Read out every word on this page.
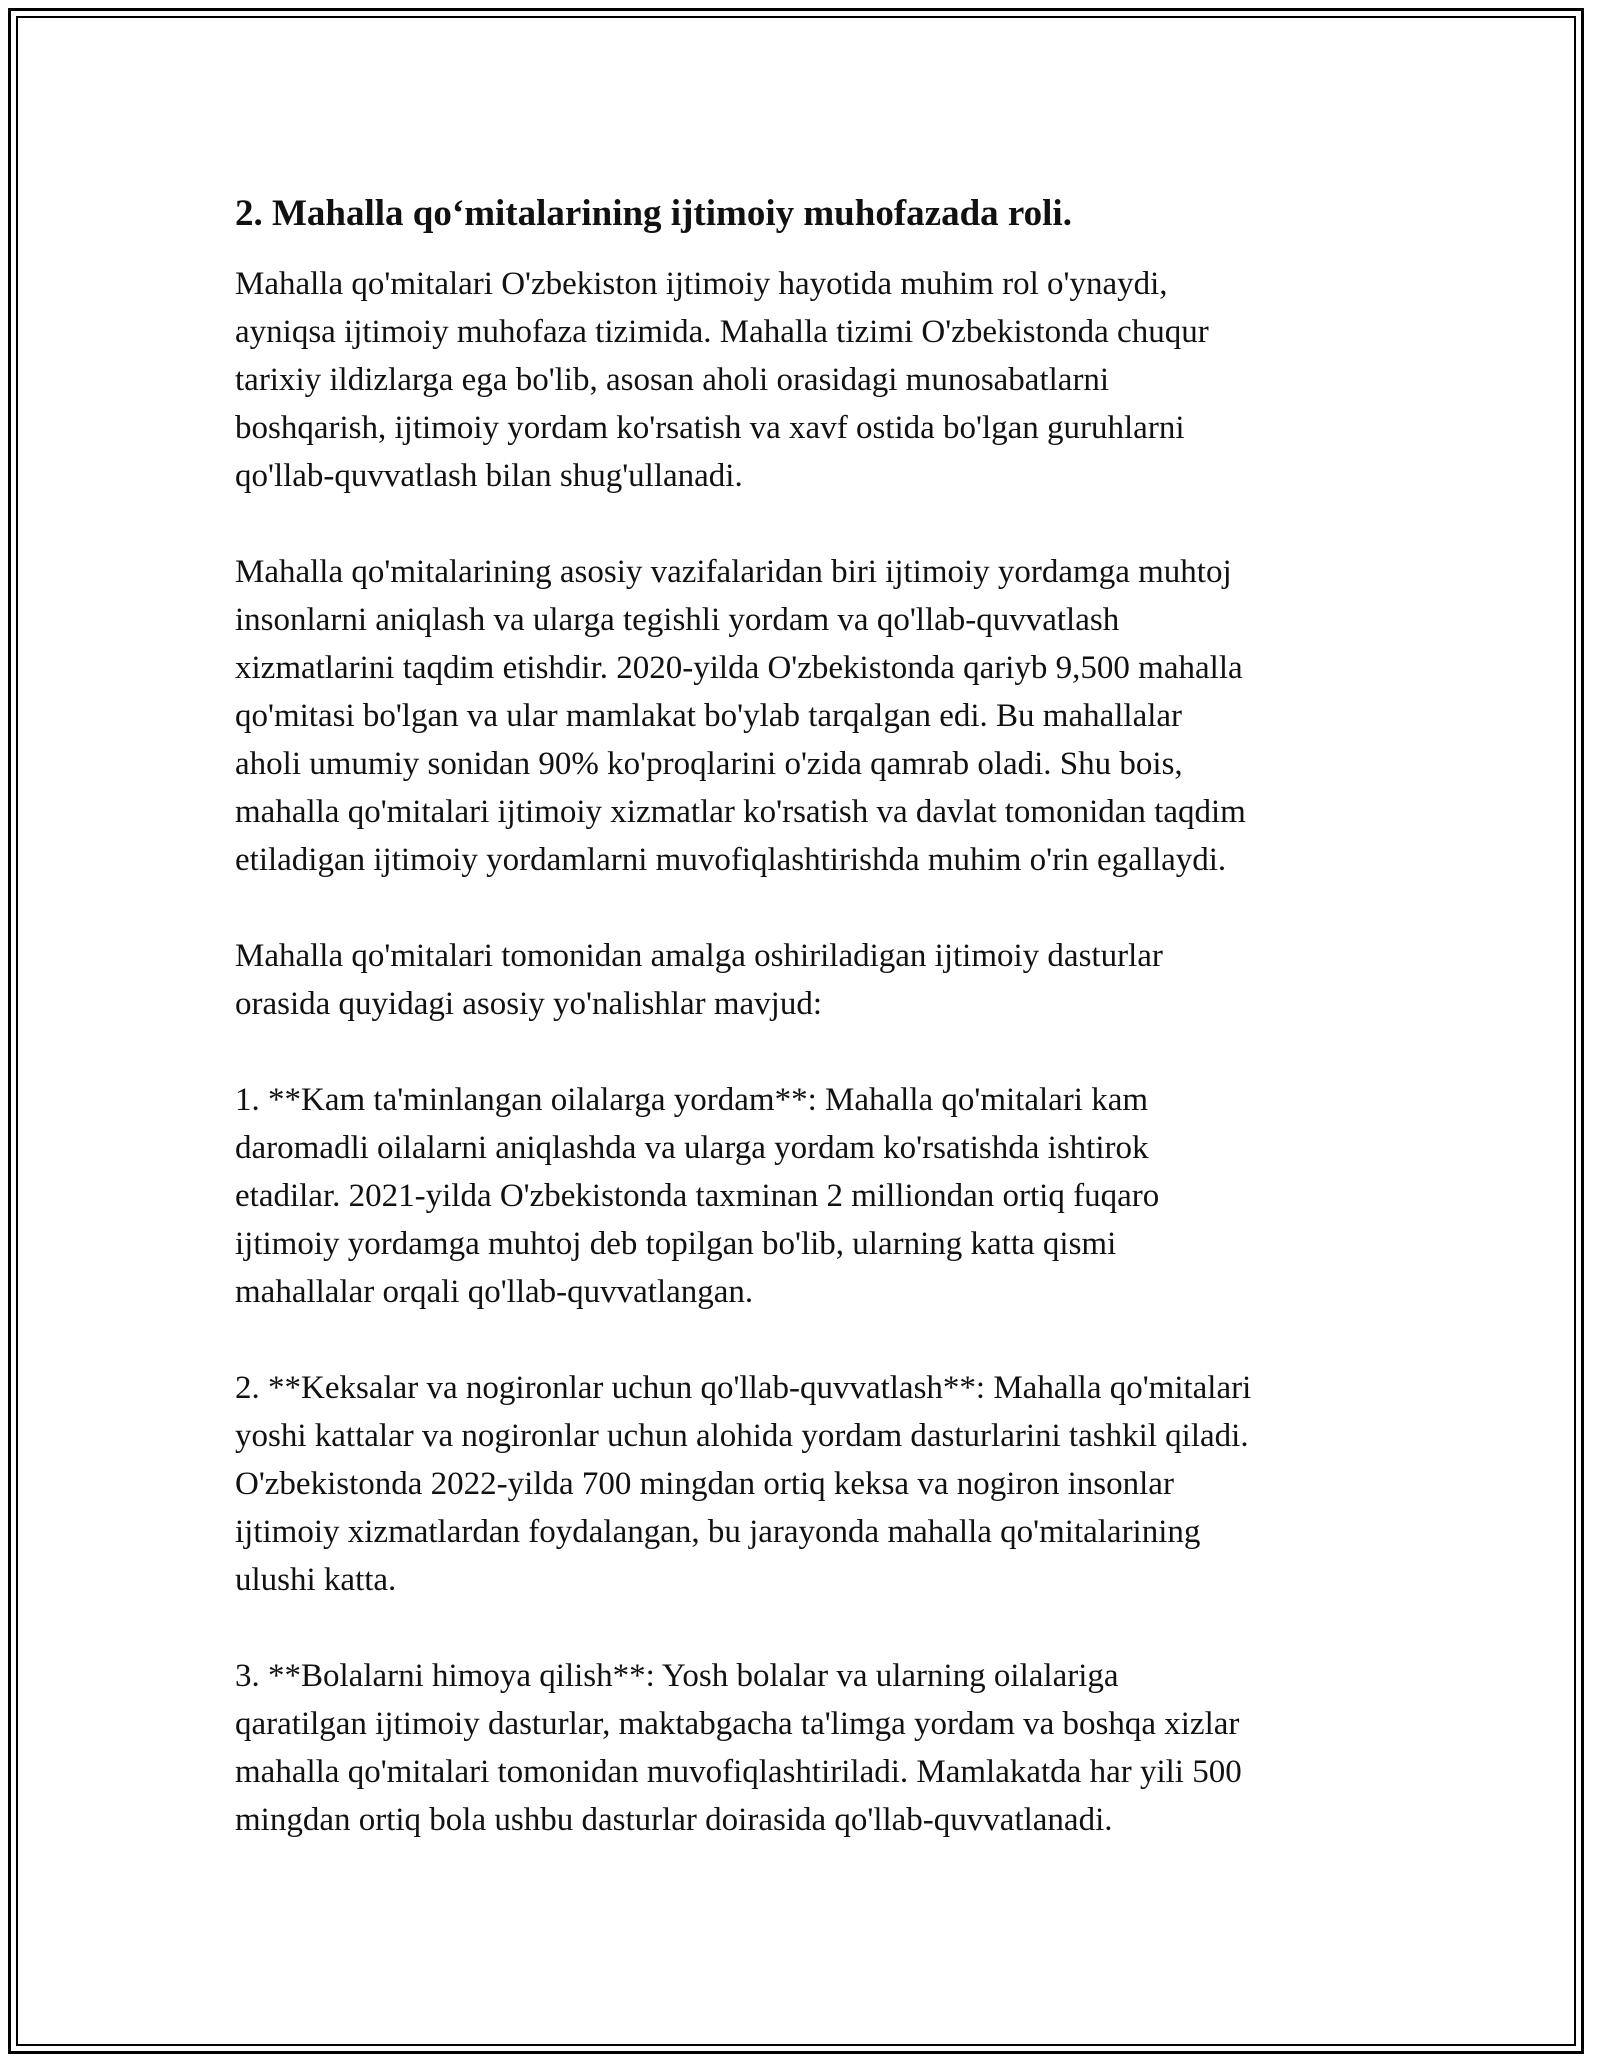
2. Mahalla qo‘mitalarining ijtimoiy muhofazada roli.

Mahalla qo'mitalari O'zbekiston ijtimoiy hayotida muhim rol o'ynaydi,
ayniqsa ijtimoiy muhofaza tizimida. Mahalla tizimi O'zbekistonda chuqur
tarixiy ildizlarga ega bo'lib, asosan aholi orasidagi munosabatlarni
boshqarish, ijtimoiy yordam ko'rsatish va xavf ostida bo'lgan guruhlarni
qo'llab-quvvatlash bilan shug'ullanadi.

Mahalla qo'mitalarining asosiy vazifalaridan biri ijtimoiy yordamga muhtoj
insonlarni aniqlash va ularga tegishli yordam va qo'llab-quvvatlash
xizmatlarini taqdim etishdir. 2020-yilda O'zbekistonda qariyb 9,500 mahalla
qo'mitasi bo'lgan va ular mamlakat bo'ylab tarqalgan edi. Bu mahallalar
aholi umumiy sonidan 90% ko'proqlarini o'zida qamrab oladi. Shu bois,
mahalla qo'mitalari ijtimoiy xizmatlar ko'rsatish va davlat tomonidan taqdim
etiladigan ijtimoiy yordamlarni muvofiqlashtirishda muhim o'rin egallaydi.

Mahalla qo'mitalari tomonidan amalga oshiriladigan ijtimoiy dasturlar
orasida quyidagi asosiy yo'nalishlar mavjud:

1. **Kam ta'minlangan oilalarga yordam**: Mahalla qo'mitalari kam
daromadli oilalarni aniqlashda va ularga yordam ko'rsatishda ishtirok
etadilar. 2021-yilda O'zbekistonda taxminan 2 milliondan ortiq fuqaro
ijtimoiy yordamga muhtoj deb topilgan bo'lib, ularning katta qismi
mahallalar orqali qo'llab-quvvatlangan.

2. **Keksalar va nogironlar uchun qo'llab-quvvatlash**: Mahalla qo'mitalari
yoshi kattalar va nogironlar uchun alohida yordam dasturlarini tashkil qiladi.
O'zbekistonda 2022-yilda 700 mingdan ortiq keksa va nogiron insonlar
ijtimoiy xizmatlardan foydalangan, bu jarayonda mahalla qo'mitalarining
ulushi katta.

3. **Bolalarni himoya qilish**: Yosh bolalar va ularning oilalariga
qaratilgan ijtimoiy dasturlar, maktabgacha ta'limga yordam va boshqa xizlar
mahalla qo'mitalari tomonidan muvofiqlashtiriladi. Mamlakatda har yili 500
mingdan ortiq bola ushbu dasturlar doirasida qo'llab-quvvatlanadi.
